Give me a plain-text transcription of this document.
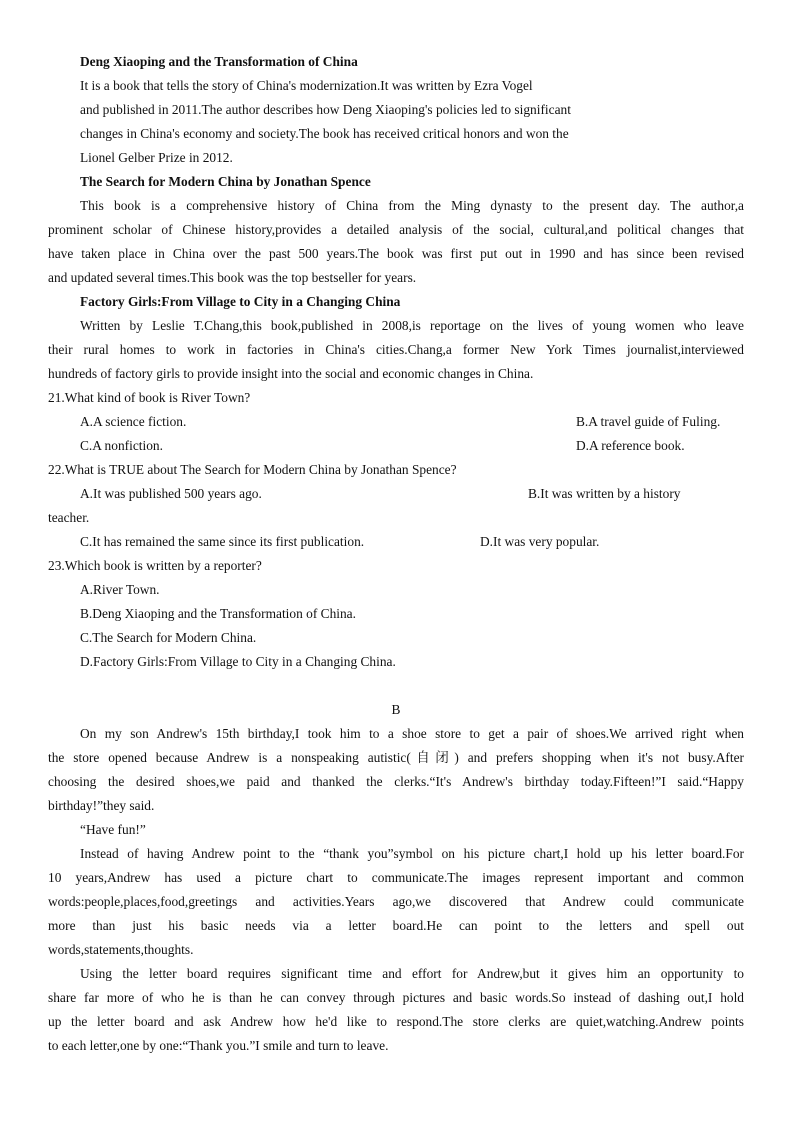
Deng Xiaoping and the Transformation of China
It is a book that tells the story of China's modernization.It was written by Ezra Vogel
and published in 2011.The author describes how Deng Xiaoping's policies led to significant
changes in China's economy and society.The book has received critical honors and won the
Lionel Gelber Prize in 2012.
The Search for Modern China by Jonathan Spence
This book is a comprehensive history of China from the Ming dynasty to the present day. The author,a
prominent scholar of Chinese history,provides a detailed analysis of the social, cultural,and political changes that
have taken place in China over the past 500 years.The book was first put out in 1990 and has since been revised
and updated several times.This book was the top bestseller for years.
Factory Girls:From Village to City in a Changing China
Written by Leslie T.Chang,this book,published in 2008,is reportage on the lives of young women who leave
their rural homes to work in factories in China's cities.Chang,a former New York Times journalist,interviewed
hundreds of factory girls to provide insight into the social and economic changes in China.
21.What kind of book is River Town?
A.A science fiction.	B.A travel guide of Fuling.
C.A nonfiction.	D.A reference book.
22.What is TRUE about The Search for Modern China by Jonathan Spence?
A.It was published 500 years ago.	B.It was written by a history
teacher.
C.It has remained the same since its first publication.	D.It was very popular.
23.Which book is written by a reporter?
A.River Town.
B.Deng Xiaoping and the Transformation of China.
C.The Search for Modern China.
D.Factory Girls:From Village to City in a Changing China.
B
On my son Andrew's 15th birthday,I took him to a shoe store to get a pair of shoes.We arrived right when
the store opened because Andrew is a nonspeaking autistic(自闭) and prefers shopping when it's not busy.After
choosing the desired shoes,we paid and thanked the clerks.“It's Andrew's birthday today.Fifteen!”I said.“Happy
birthday!”they said.
“Have fun!”
Instead of having Andrew point to the “thank you”symbol on his picture chart,I hold up his letter board.For
10 years,Andrew has used a picture chart to communicate.The images represent important and common
words:people,places,food,greetings and activities.Years ago,we discovered that Andrew could communicate
more than just his basic needs via a letter board.He can point to the letters and spell out
words,statements,thoughts.
Using the letter board requires significant time and effort for Andrew,but it gives him an opportunity to
share far more of who he is than he can convey through pictures and basic words.So instead of dashing out,I hold
up the letter board and ask Andrew how he'd like to respond.The store clerks are quiet,watching.Andrew points
to each letter,one by one:“Thank you.”I smile and turn to leave.
